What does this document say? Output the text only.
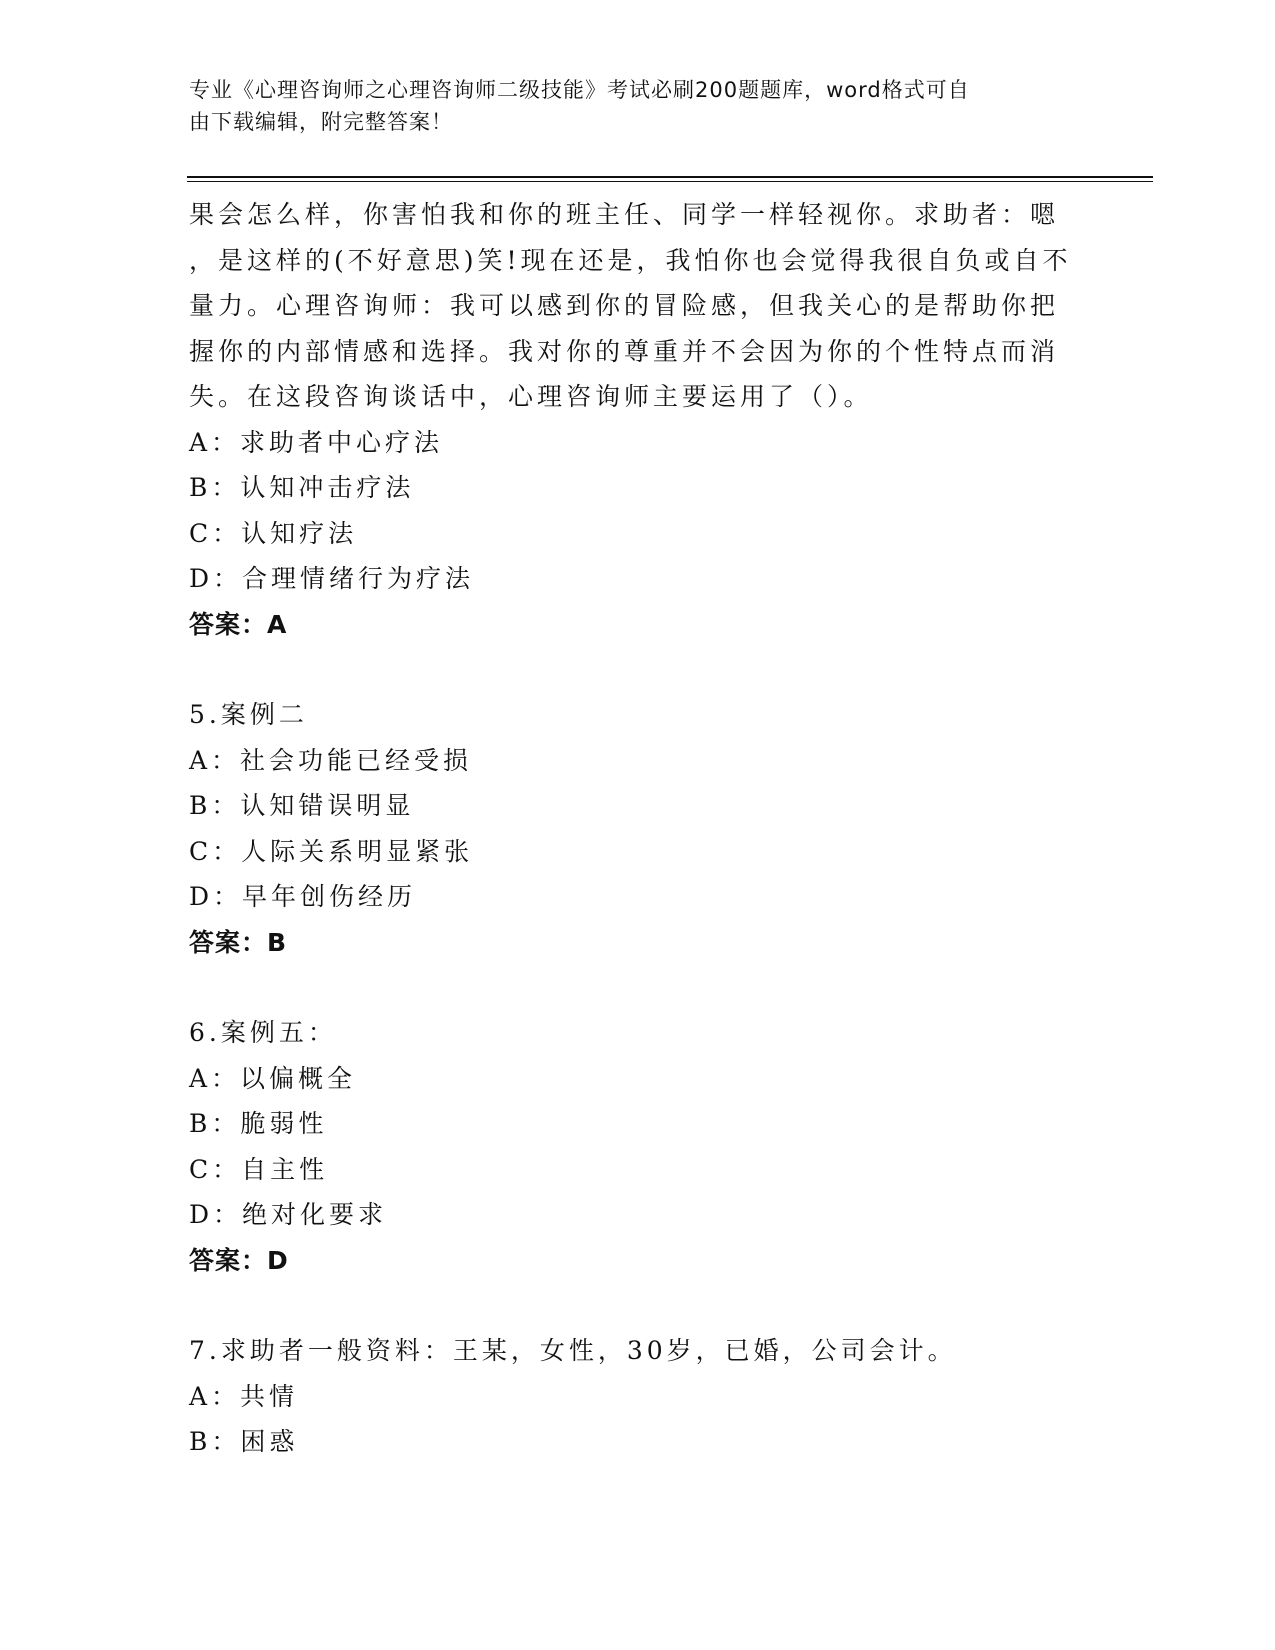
专业《心理咨询师之心理咨询师二级技能》考试必刷200题题库，word格式可自
由下载编辑，附完整答案！
果会怎么样，你害怕我和你的班主任、同学一样轻视你。求助者：嗯
，是这样的(不好意思)笑!现在还是，我怕你也会觉得我很自负或自不
量力。心理咨询师：我可以感到你的冒险感，但我关心的是帮助你把
握你的内部情感和选择。我对你的尊重并不会因为你的个性特点而消
失。在这段咨询谈话中，心理咨询师主要运用了（）。
A：求助者中心疗法
B：认知冲击疗法
C：认知疗法
D：合理情绪行为疗法
答案：A
5.案例二
A：社会功能已经受损
B：认知错误明显
C：人际关系明显紧张
D：早年创伤经历
答案：B
6.案例五：
A：以偏概全
B：脆弱性
C：自主性
D：绝对化要求
答案：D
7.求助者一般资料：王某，女性，30岁，已婚，公司会计。
A：共情
B：困惑
